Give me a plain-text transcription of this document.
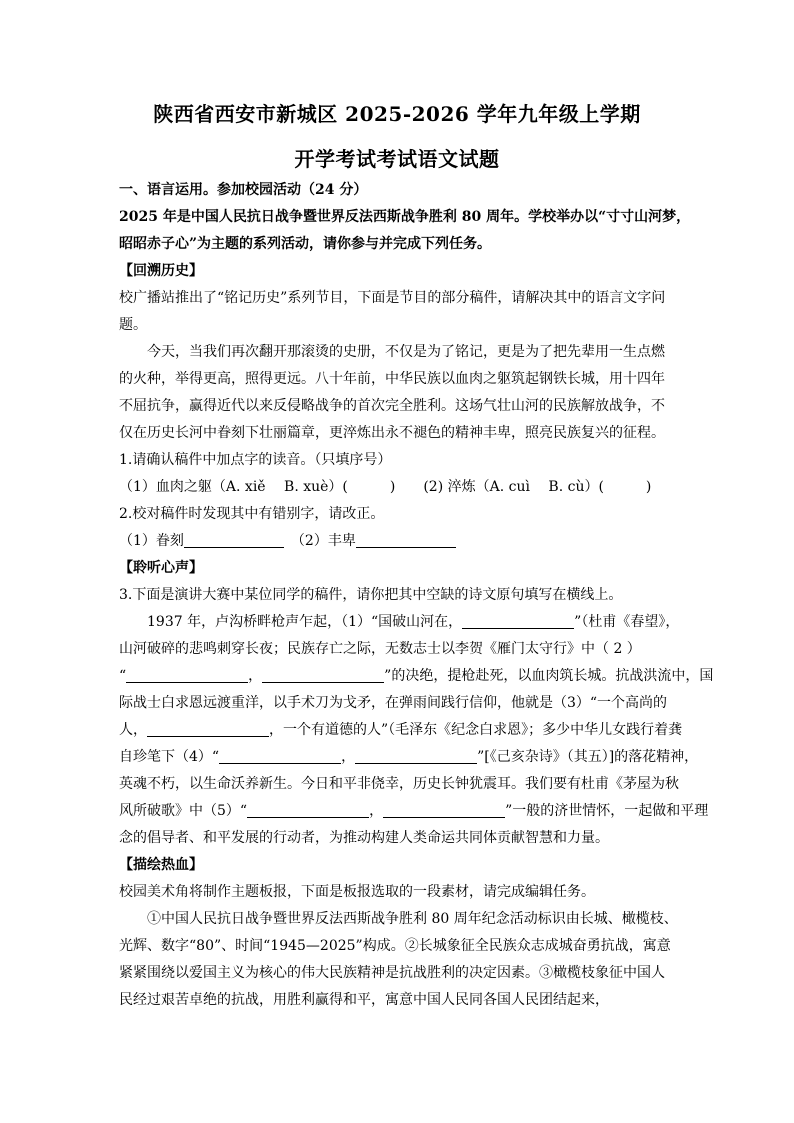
陕西省西安市新城区 2025-2026 学年九年级上学期
开学考试考试语文试题
一、语言运用。参加校园活动（24 分）
2025 年是中国人民抗日战争暨世界反法西斯战争胜利 80 周年。学校举办以“寸寸山河梦，
昭昭赤子心”为主题的系列活动，请你参与并完成下列任务。
【回溯历史】
校广播站推出了“铭记历史”系列节目，下面是节目的部分稿件，请解决其中的语言文字问
题。
今天，当我们再次翻开那滚烫的史册，不仅是为了铭记，更是为了把先辈用一生点燃
的火种，举得更高，照得更远。八十年前，中华民族以血肉之躯筑起钢铁长城，用十四年
不屈抗争，赢得近代以来反侵略战争的首次完全胜利。这场气壮山河的民族解放战争，不
仅在历史长河中眷刻下壮丽篇章，更淬炼出永不褪色的精神丰卑，照亮民族复兴的征程。
1.请确认稿件中加点字的读音。（只填序号）
（1）血肉之躯（A. xiě　 B. xuè）(　　　)　　(2) 淬炼（A. cuì　 B. cù）(　　　)
2.校对稿件时发现其中有错别字，请改正。
（1）眷刻	　（2）丰卑
【聆听心声】
3.下面是演讲大赛中某位同学的稿件，请你把其中空缺的诗文原句填写在横线上。
1937 年，卢沟桥畔枪声乍起，（1）“国破山河在，	”（杜甫《春望》，
山河破碎的悲鸣刺穿长夜；民族存亡之际，无数志士以李贺《雁门太守行》中（ 2 ）
“	，	”的决绝，提枪赴死，以血肉筑长城。抗战洪流中，国
际战士白求恩远渡重洋，以手术刀为戈矛，在弹雨间践行信仰，他就是（3）“一个高尚的
人，	，一个有道德的人”（毛泽东《纪念白求恩》；多少中华儿女践行着龚
自珍笔下（4）“	，	”[《己亥杂诗》（其五）]的落花精神，
英魂不朽，以生命沃养新生。今日和平非侥幸，历史长钟犹震耳。我们要有杜甫《茅屋为秋
风所破歌》中（5）“	，	”一般的济世情怀，一起做和平理
念的倡导者、和平发展的行动者，为推动构建人类命运共同体贡献智慧和力量。
【描绘热血】
校园美术角将制作主题板报，下面是板报选取的一段素材，请完成编辑任务。
①中国人民抗日战争暨世界反法西斯战争胜利 80 周年纪念活动标识由长城、橄榄枝、
光辉、数字“80”、时间“1945—2025”构成。②长城象征全民族众志成城奋勇抗战，寓意
紧紧围绕以爱国主义为核心的伟大民族精神是抗战胜利的决定因素。③橄榄枝象征中国人
民经过艰苦卓绝的抗战，用胜利赢得和平，寓意中国人民同各国人民团结起来，
